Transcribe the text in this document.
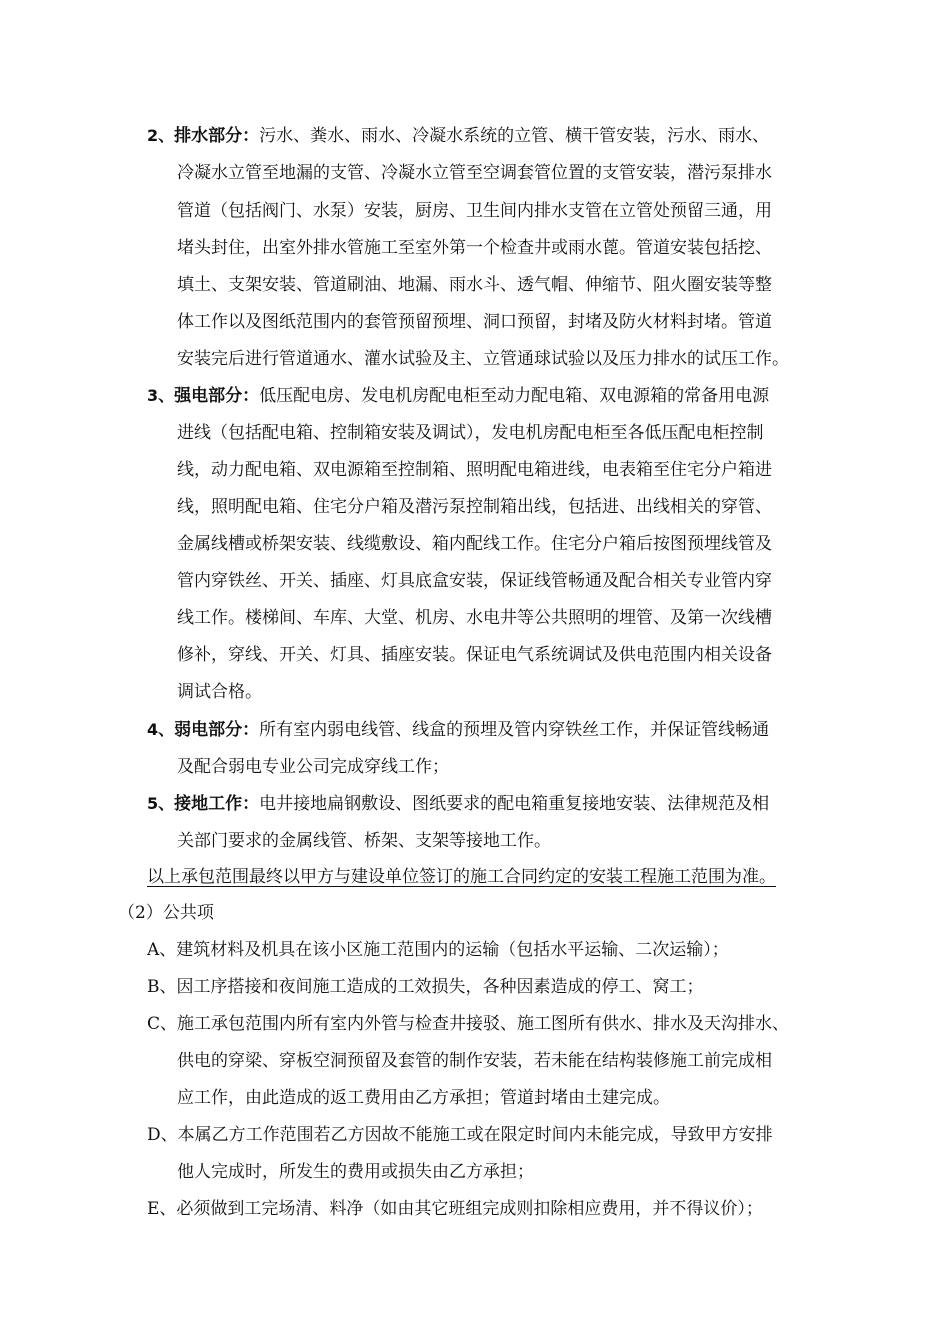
2、排水部分：污水、粪水、雨水、冷凝水系统的立管、横干管安装，污水、雨水、
冷凝水立管至地漏的支管、冷凝水立管至空调套管位置的支管安装，潜污泵排水
管道（包括阀门、水泵）安装，厨房、卫生间内排水支管在立管处预留三通，用
堵头封住，出室外排水管施工至室外第一个检查井或雨水蓖。管道安装包括挖、
填土、支架安装、管道刷油、地漏、雨水斗、透气帽、伸缩节、阻火圈安装等整
体工作以及图纸范围内的套管预留预埋、洞口预留，封堵及防火材料封堵。管道
安装完后进行管道通水、灌水试验及主、立管通球试验以及压力排水的试压工作。
3、强电部分：低压配电房、发电机房配电柜至动力配电箱、双电源箱的常备用电源
进线（包括配电箱、控制箱安装及调试），发电机房配电柜至各低压配电柜控制
线，动力配电箱、双电源箱至控制箱、照明配电箱进线，电表箱至住宅分户箱进
线，照明配电箱、住宅分户箱及潜污泵控制箱出线，包括进、出线相关的穿管、
金属线槽或桥架安装、线缆敷设、箱内配线工作。住宅分户箱后按图预埋线管及
管内穿铁丝、开关、插座、灯具底盒安装，保证线管畅通及配合相关专业管内穿
线工作。楼梯间、车库、大堂、机房、水电井等公共照明的埋管、及第一次线槽
修补，穿线、开关、灯具、插座安装。保证电气系统调试及供电范围内相关设备
调试合格。
4、弱电部分：所有室内弱电线管、线盒的预埋及管内穿铁丝工作，并保证管线畅通
及配合弱电专业公司完成穿线工作；
5、接地工作：电井接地扁钢敷设、图纸要求的配电箱重复接地安装、法律规范及相
关部门要求的金属线管、桥架、支架等接地工作。
以上承包范围最终以甲方与建设单位签订的施工合同约定的安装工程施工范围为准。
（2）公共项
A、建筑材料及机具在该小区施工范围内的运输（包括水平运输、二次运输）；
B、因工序搭接和夜间施工造成的工效损失，各种因素造成的停工、窝工；
C、施工承包范围内所有室内外管与检查井接驳、施工图所有供水、排水及天沟排水、
供电的穿梁、穿板空洞预留及套管的制作安装，若未能在结构装修施工前完成相
应工作，由此造成的返工费用由乙方承担；管道封堵由土建完成。
D、本属乙方工作范围若乙方因故不能施工或在限定时间内未能完成，导致甲方安排
他人完成时，所发生的费用或损失由乙方承担；
E、必须做到工完场清、料净（如由其它班组完成则扣除相应费用，并不得议价）；
